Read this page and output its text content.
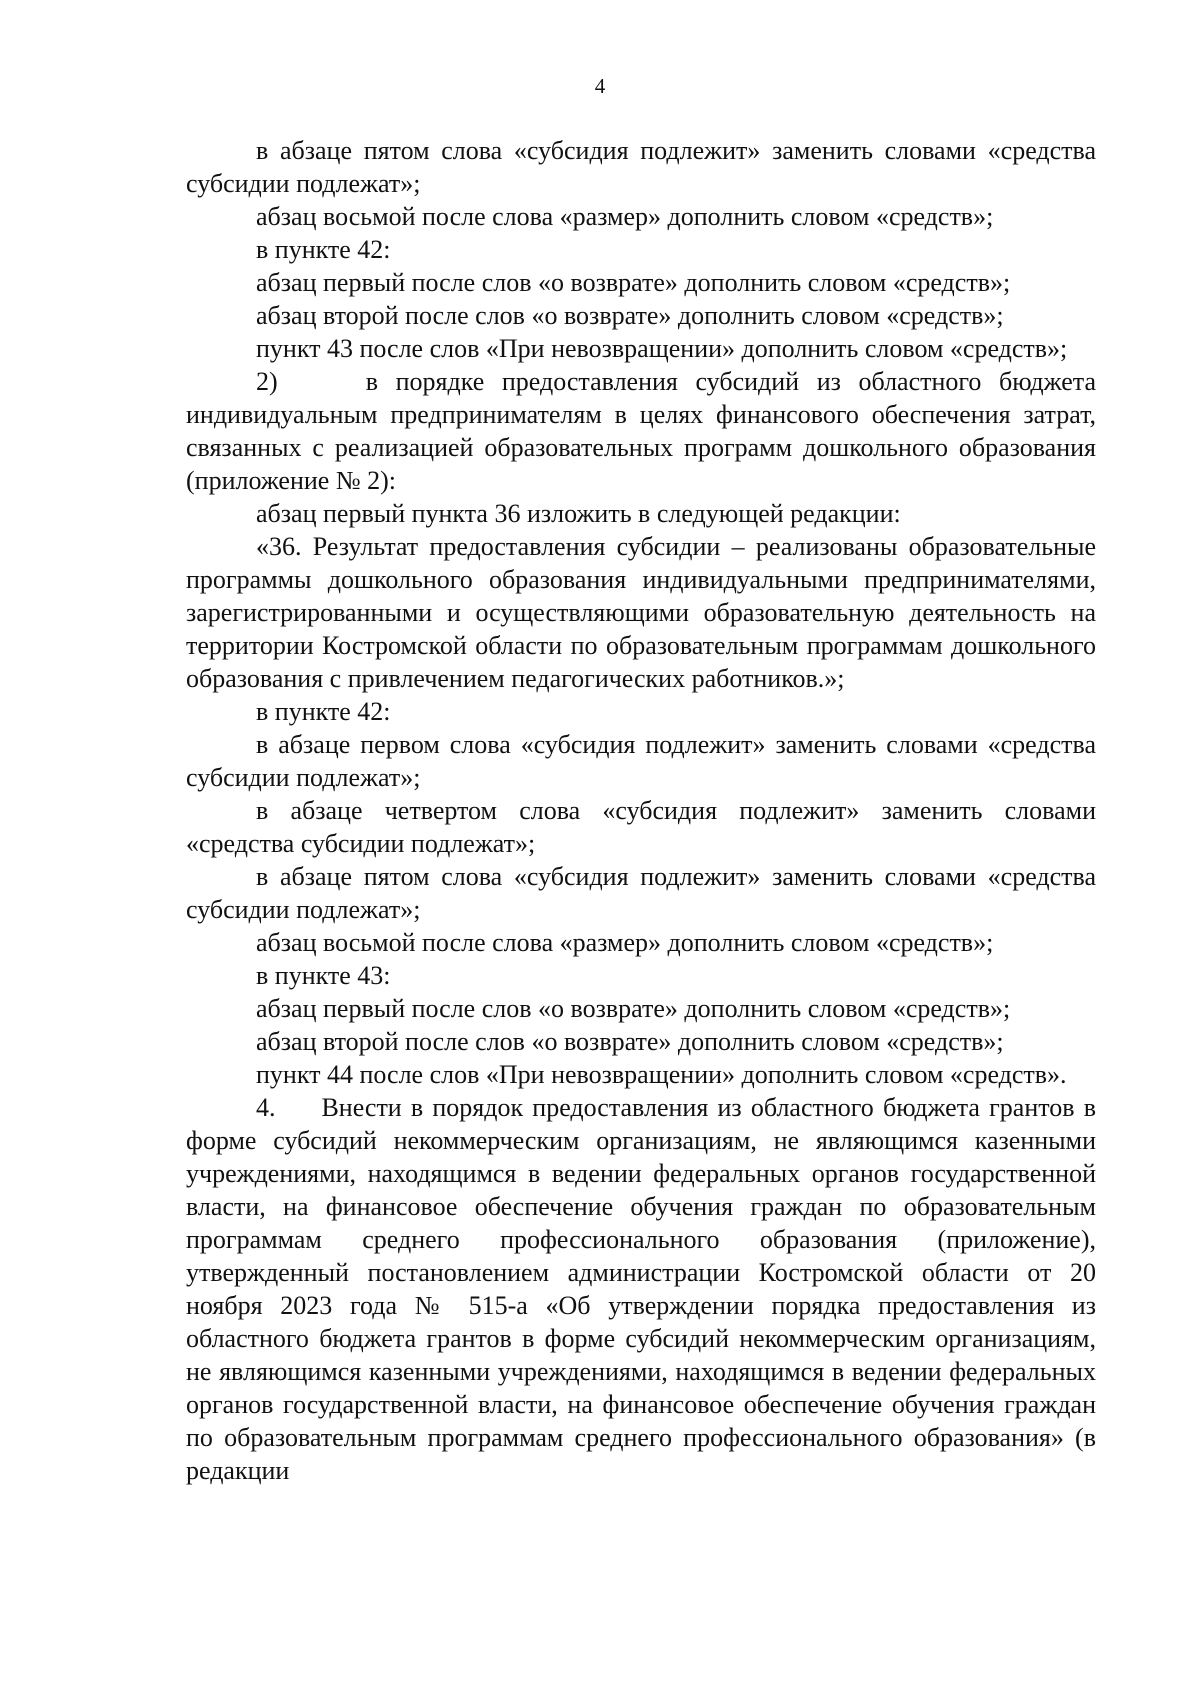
4

в абзаце пятом слова «субсидия подлежит» заменить словами «средства субсидии подлежат»;

абзац восьмой после слова «размер» дополнить словом «средств»;

в пункте 42:

абзац первый после слов «о возврате» дополнить словом «средств»;

абзац второй после слов «о возврате» дополнить словом «средств»;

пункт 43 после слов «При невозвращении» дополнить словом «средств»;

2)     в порядке предоставления субсидий из областного бюджета индивидуальным предпринимателям в целях финансового обеспечения затрат, связанных с реализацией образовательных программ дошкольного образования (приложение № 2):

абзац первый пункта 36 изложить в следующей редакции:

«36. Результат предоставления субсидии – реализованы образовательные программы дошкольного образования индивидуальными предпринимателями, зарегистрированными и осуществляющими образовательную деятельность на территории Костромской области по образовательным программам дошкольного образования с привлечением педагогических работников.»;

в пункте 42:

в абзаце первом слова «субсидия подлежит» заменить словами «средства субсидии подлежат»;

в абзаце четвертом слова «субсидия подлежит» заменить словами «средства субсидии подлежат»;

в абзаце пятом слова «субсидия подлежит» заменить словами «средства субсидии подлежат»;

абзац восьмой после слова «размер» дополнить словом «средств»;

в пункте 43:

абзац первый после слов «о возврате» дополнить словом «средств»;

абзац второй после слов «о возврате» дополнить словом «средств»;

пункт 44 после слов «При невозвращении» дополнить словом «средств».

4.     Внести в порядок предоставления из областного бюджета грантов в форме субсидий некоммерческим организациям, не являющимся казенными учреждениями, находящимся в ведении федеральных органов государственной власти, на финансовое обеспечение обучения граждан по образовательным программам среднего профессионального образования (приложение), утвержденный постановлением администрации Костромской области от 20 ноября 2023 года № 515-а «Об утверждении порядка предоставления из областного бюджета грантов в форме субсидий некоммерческим организациям, не являющимся казенными учреждениями, находящимся в ведении федеральных органов государственной власти, на финансовое обеспечение обучения граждан по образовательным программам среднего профессионального образования» (в редакции
